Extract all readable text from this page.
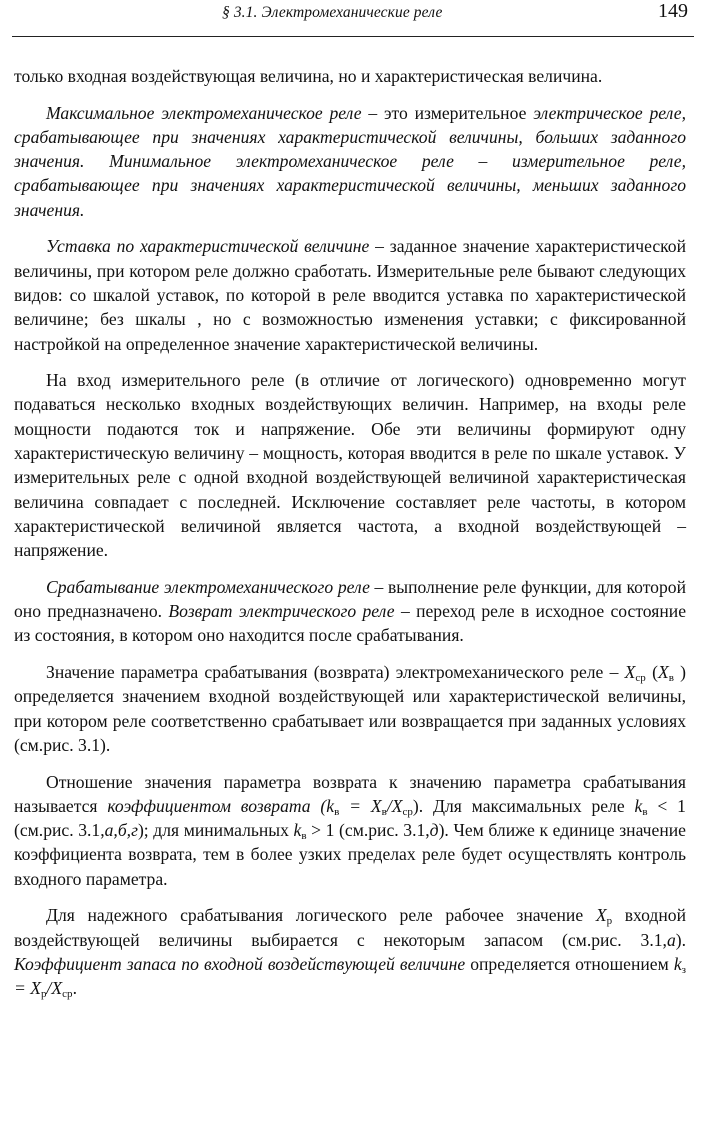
§ 3.1. Электромеханические реле	149

только входная воздействующая величина, но и характеристическая величина.

Максимальное электромеханическое реле – это измерительное электрическое реле, срабатывающее при значениях характеристической величины, больших заданного значения. Минимальное электромеханическое реле – измерительное реле, срабатывающее при значениях характеристической величины, меньших заданного значения.

Уставка по характеристической величине – заданное значение характеристической величины, при котором реле должно сработать. Измерительные реле бывают следующих видов: со шкалой уставок, по которой в реле вводится уставка по характеристической величине; без шкалы , но с возможностью изменения уставки; с фиксированной настройкой на определенное значение характеристической величины.

На вход измерительного реле (в отличие от логического) одновременно могут подаваться несколько входных воздействующих величин. Например, на входы реле мощности подаются ток и напряжение. Обе эти величины формируют одну характеристическую величину – мощность, которая вводится в реле по шкале уставок. У измерительных реле с одной входной воздействующей величиной характеристическая величина совпадает с последней. Исключение составляет реле частоты, в котором характеристической величиной является частота, а входной воздействующей – напряжение.

Срабатывание электромеханического реле – выполнение реле функции, для которой оно предназначено. Возврат электрического реле – переход реле в исходное состояние из состояния, в котором оно находится после срабатывания.

Значение параметра срабатывания (возврата) электромеханического реле – $X_{ср}$ ($X_в$ ) определяется значением входной воздействующей или характеристической величины, при котором реле соответственно срабатывает или возвращается при заданных условиях (см.рис. 3.1).

Отношение значения параметра возврата к значению параметра срабатывания называется коэффициентом возврата $(k_в = X_в/X_{ср})$. Для максимальных реле $k_в < 1$ (см.рис. 3.1,а,б,г); для минимальных $k_в > 1$ (см.рис. 3.1,д). Чем ближе к единице значение коэффициента возврата, тем в более узких пределах реле будет осуществлять контроль входного параметра.

Для надежного срабатывания логического реле рабочее значение $X_р$ входной воздействующей величины выбирается с некоторым запасом (см.рис. 3.1,а). Коэффициент запаса по входной воздействующей величине определяется отношением $k_з = X_р/X_{ср}$.
